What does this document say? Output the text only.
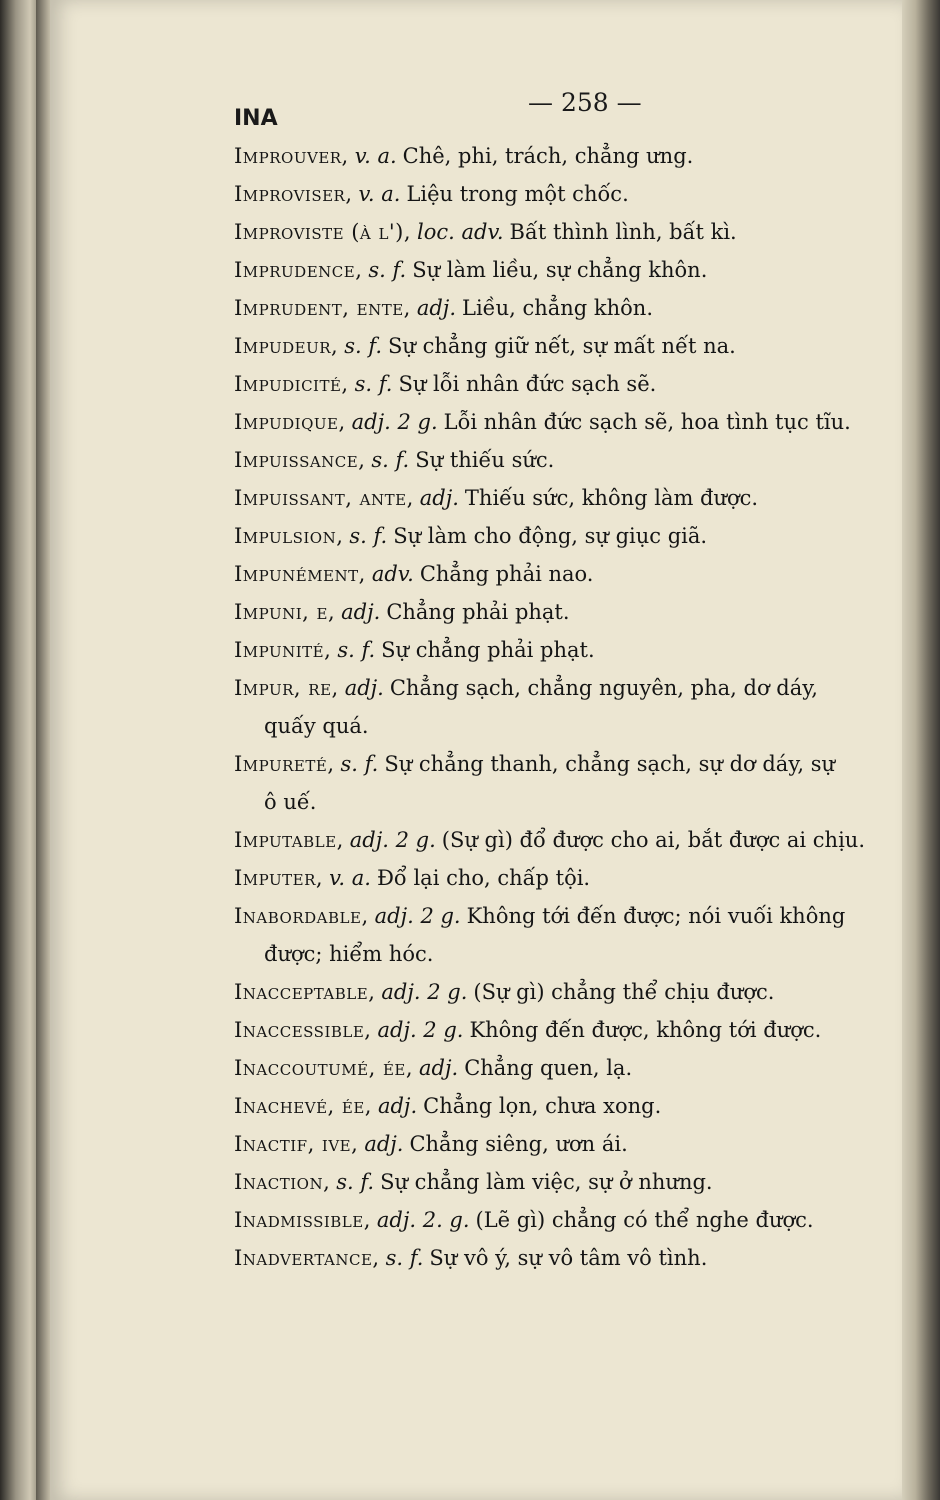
INA
— 258 —
Improuver, v. a. Chê, phi, trách, chẳng ưng.
Improviser, v. a. Liệu trong một chốc.
Improviste (à l'), loc. adv. Bất thình lình, bất kì.
Imprudence, s. f. Sự làm liều, sự chẳng khôn.
Imprudent, ente, adj. Liều, chẳng khôn.
Impudeur, s. f. Sự chẳng giữ nết, sự mất nết na.
Impudicité, s. f. Sự lỗi nhân đức sạch sẽ.
Impudique, adj. 2 g. Lỗi nhân đức sạch sẽ, hoa tình tục tĩu.
Impuissance, s. f. Sự thiếu sức.
Impuissant, ante, adj. Thiếu sức, không làm được.
Impulsion, s. f. Sự làm cho động, sự giục giã.
Impunément, adv. Chẳng phải nao.
Impuni, e, adj. Chẳng phải phạt.
Impunité, s. f. Sự chẳng phải phạt.
Impur, re, adj. Chẳng sạch, chẳng nguyên, pha, dơ dáy,
quấy quá.
Impureté, s. f. Sự chẳng thanh, chẳng sạch, sự dơ dáy, sự
ô uế.
Imputable, adj. 2 g. (Sự gì) đổ được cho ai, bắt được ai chịu.
Imputer, v. a. Đổ lại cho, chấp tội.
Inabordable, adj. 2 g. Không tới đến được; nói vuối không
được; hiểm hóc.
Inacceptable, adj. 2 g. (Sự gì) chẳng thể chịu được.
Inaccessible, adj. 2 g. Không đến được, không tới được.
Inaccoutumé, ée, adj. Chẳng quen, lạ.
Inachevé, ée, adj. Chẳng lọn, chưa xong.
Inactif, ive, adj. Chẳng siêng, ươn ái.
Inaction, s. f. Sự chẳng làm việc, sự ở nhưng.
Inadmissible, adj. 2. g. (Lẽ gì) chẳng có thể nghe được.
Inadvertance, s. f. Sự vô ý, sự vô tâm vô tình.
